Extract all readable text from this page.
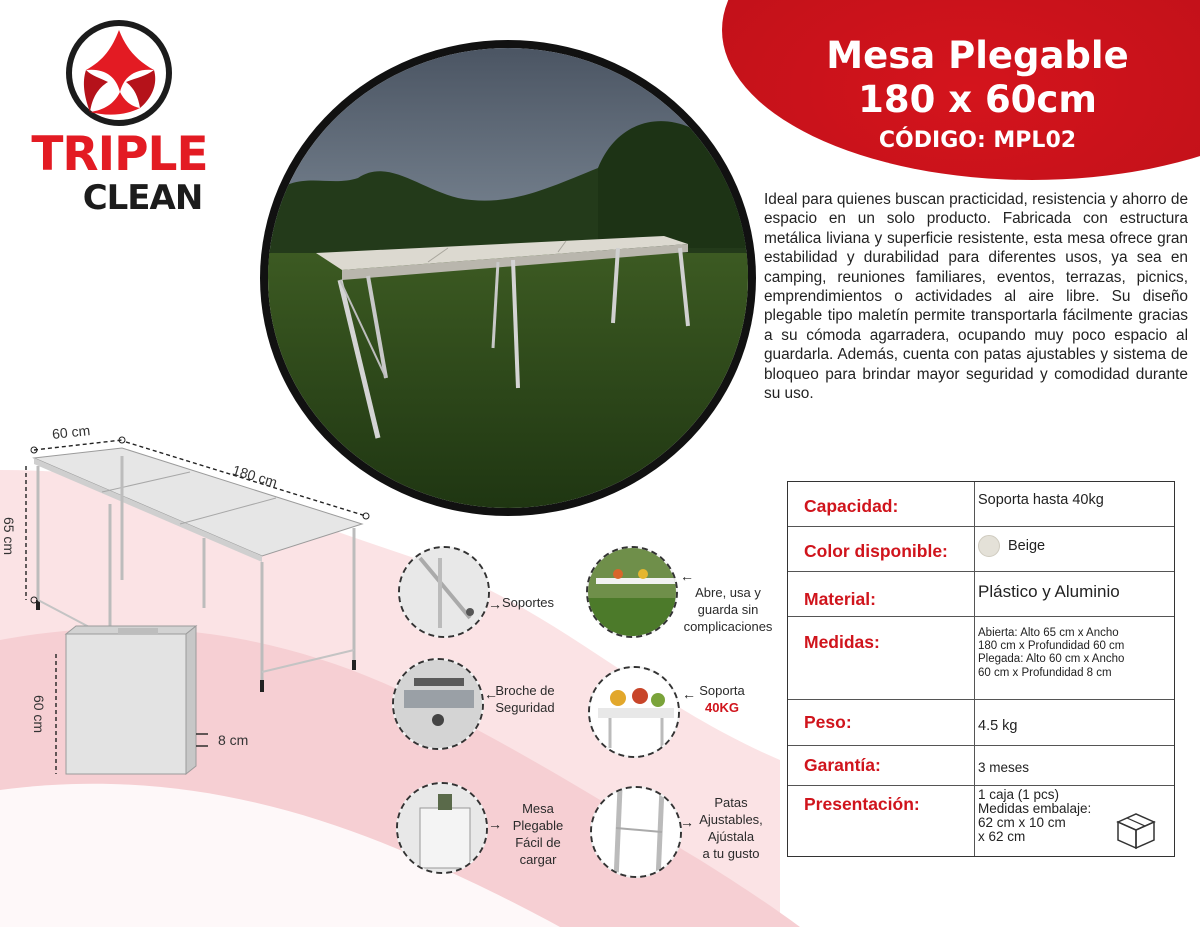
TRIPLE
CLEAN
Mesa Plegable
180 x 60cm
CÓDIGO: MPL02
Ideal para quienes buscan practicidad, resistencia y ahorro de espacio en un solo producto. Fabricada con estructura metálica liviana y superficie resistente, esta mesa ofrece gran estabilidad y durabilidad para diferentes usos, ya sea en camping, reuniones familiares, eventos, terrazas, picnics, emprendimientos o actividades al aire libre. Su diseño plegable tipo maletín permite transportarla fácilmente gracias a su cómoda agarradera, ocupando muy poco espacio al guardarla. Además, cuenta con patas ajustables y sistema de bloqueo para brindar mayor seguridad y comodidad durante su uso.
Capacidad:	Soporta hasta 40kg
Color disponible:	Beige
Material:	Plástico y Aluminio
Medidas:	Abierta: Alto 65 cm x Ancho
180 cm x Profundidad 60 cm
Plegada: Alto 60 cm x Ancho
60 cm x Profundidad 8 cm
Peso:	4.5 kg
Garantía:	3 meses
Presentación:	1 caja (1 pcs)
Medidas embalaje:
62 cm x 10 cm
x 62 cm
60 cm
180 cm
65 cm
60 cm
8 cm
→ Soportes
←
Abre, usa y
guarda sin
complicaciones
←
Broche de
Seguridad
← Soporta
40KG
→
Mesa
Plegable
Fácil de
cargar
→
Patas
Ajustables,
Ajústala
a tu gusto
